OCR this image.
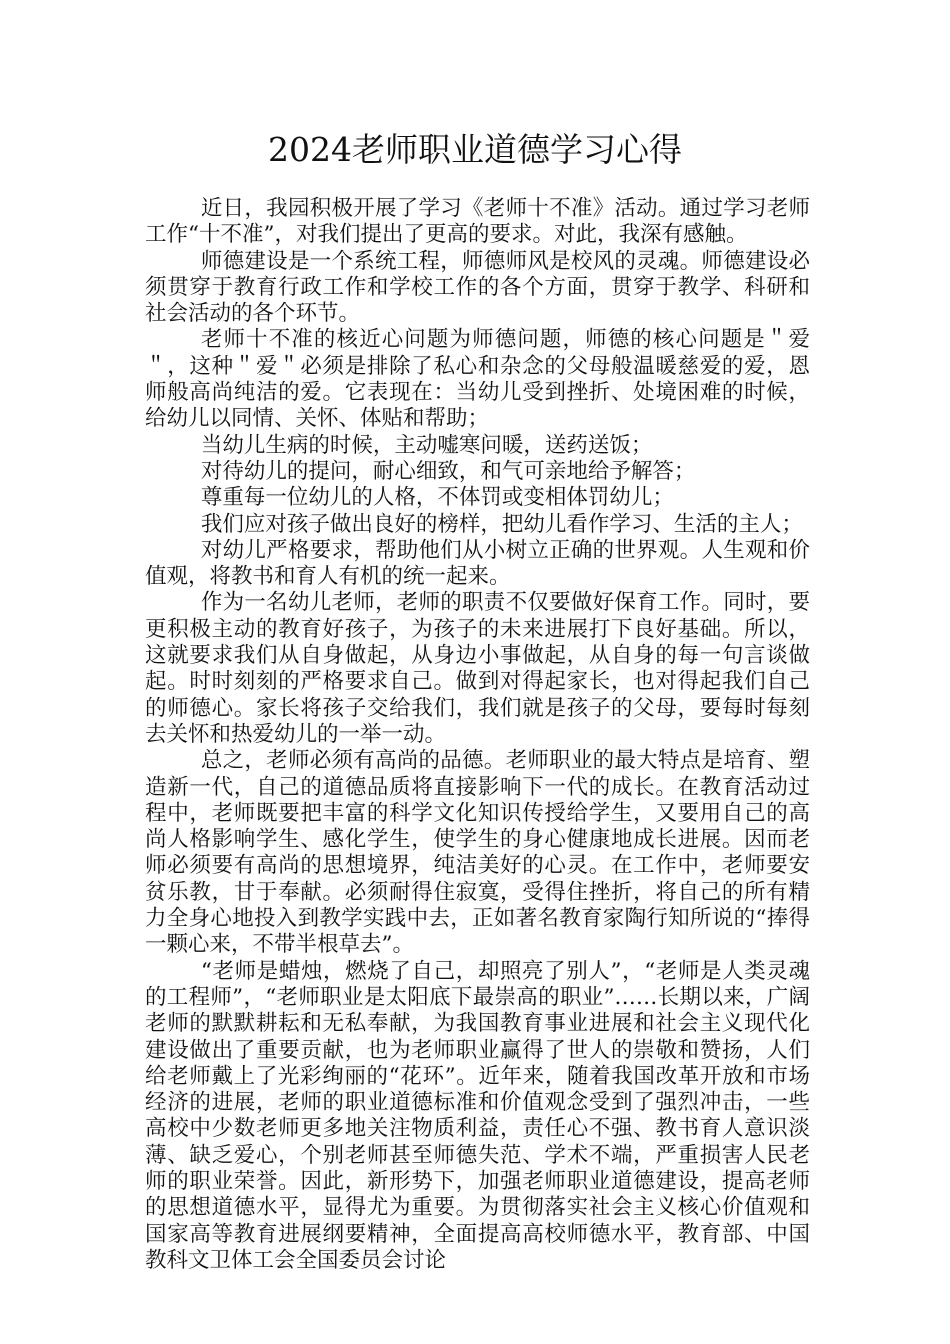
2024老师职业道德学习心得

近日，我园积极开展了学习《老师十不准》活动。通过学习老师工作“十不准”，对我们提出了更高的要求。对此，我深有感触。

师德建设是一个系统工程，师德师风是校风的灵魂。师德建设必须贯穿于教育行政工作和学校工作的各个方面，贯穿于教学、科研和社会活动的各个环节。

老师十不准的核近心问题为师德问题，师德的核心问题是＂爱＂，这种＂爱＂必须是排除了私心和杂念的父母般温暖慈爱的爱，恩师般高尚纯洁的爱。它表现在：当幼儿受到挫折、处境困难的时候，给幼儿以同情、关怀、体贴和帮助；

当幼儿生病的时候，主动嘘寒问暖，送药送饭；

对待幼儿的提问，耐心细致，和气可亲地给予解答；

尊重每一位幼儿的人格，不体罚或变相体罚幼儿；

我们应对孩子做出良好的榜样，把幼儿看作学习、生活的主人；

对幼儿严格要求，帮助他们从小树立正确的世界观。人生观和价值观，将教书和育人有机的统一起来。

作为一名幼儿老师，老师的职责不仅要做好保育工作。同时，要更积极主动的教育好孩子，为孩子的未来进展打下良好基础。所以，这就要求我们从自身做起，从身边小事做起，从自身的每一句言谈做起。时时刻刻的严格要求自己。做到对得起家长，也对得起我们自己的师德心。家长将孩子交给我们，我们就是孩子的父母，要每时每刻去关怀和热爱幼儿的一举一动。

总之，老师必须有高尚的品德。老师职业的最大特点是培育、塑造新一代，自己的道德品质将直接影响下一代的成长。在教育活动过程中，老师既要把丰富的科学文化知识传授给学生，又要用自己的高尚人格影响学生、感化学生，使学生的身心健康地成长进展。因而老师必须要有高尚的思想境界，纯洁美好的心灵。在工作中，老师要安贫乐教，甘于奉献。必须耐得住寂寞，受得住挫折，将自己的所有精力全身心地投入到教学实践中去，正如著名教育家陶行知所说的“捧得一颗心来，不带半根草去”。

“老师是蜡烛，燃烧了自己，却照亮了别人”，“老师是人类灵魂的工程师”，“老师职业是太阳底下最崇高的职业”……长期以来，广阔老师的默默耕耘和无私奉献，为我国教育事业进展和社会主义现代化建设做出了重要贡献，也为老师职业赢得了世人的崇敬和赞扬，人们给老师戴上了光彩绚丽的“花环”。近年来，随着我国改革开放和市场经济的进展，老师的职业道德标准和价值观念受到了强烈冲击，一些高校中少数老师更多地关注物质利益，责任心不强、教书育人意识淡薄、缺乏爱心，个别老师甚至师德失范、学术不端，严重损害人民老师的职业荣誉。因此，新形势下，加强老师职业道德建设，提高老师的思想道德水平，显得尤为重要。为贯彻落实社会主义核心价值观和国家高等教育进展纲要精神，全面提高高校师德水平，教育部、中国教科文卫体工会全国委员会讨论
